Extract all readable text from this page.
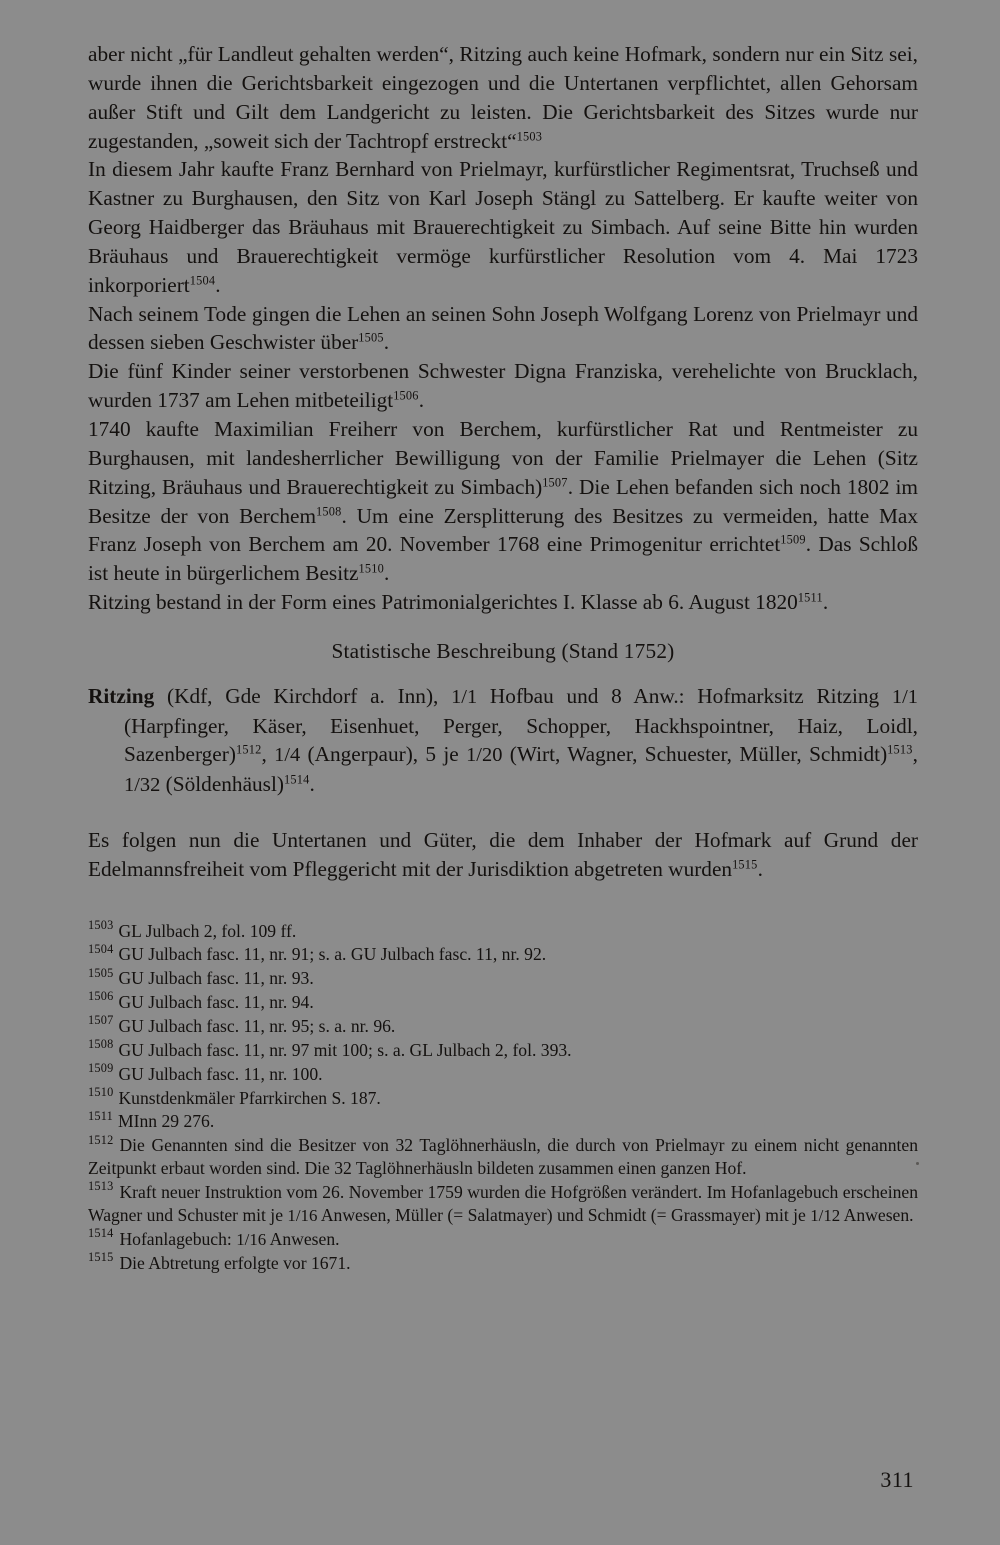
aber nicht „für Landleut gehalten werden“, Ritzing auch keine Hofmark, sondern nur ein Sitz sei, wurde ihnen die Gerichtsbarkeit eingezogen und die Untertanen verpflichtet, allen Gehorsam außer Stift und Gilt dem Landgericht zu leisten. Die Gerichtsbarkeit des Sitzes wurde nur zugestanden, „soweit sich der Tachtropf erstreckt“$^{1503}$

In diesem Jahr kaufte Franz Bernhard von Prielmayr, kurfürstlicher Regimentsrat, Truchseß und Kastner zu Burghausen, den Sitz von Karl Joseph Stängl zu Sattelberg. Er kaufte weiter von Georg Haidberger das Bräuhaus mit Brauerechtigkeit zu Simbach. Auf seine Bitte hin wurden Bräuhaus und Brauerechtigkeit vermöge kurfürstlicher Resolution vom 4. Mai 1723 inkorporiert$^{1504}$.

Nach seinem Tode gingen die Lehen an seinen Sohn Joseph Wolfgang Lorenz von Prielmayr und dessen sieben Geschwister über$^{1505}$.

Die fünf Kinder seiner verstorbenen Schwester Digna Franziska, verehelichte von Brucklach, wurden 1737 am Lehen mitbeteiligt$^{1506}$.

1740 kaufte Maximilian Freiherr von Berchem, kurfürstlicher Rat und Rentmeister zu Burghausen, mit landesherrlicher Bewilligung von der Familie Prielmayer die Lehen (Sitz Ritzing, Bräuhaus und Brauerechtigkeit zu Simbach)$^{1507}$. Die Lehen befanden sich noch 1802 im Besitze der von Berchem$^{1508}$. Um eine Zersplitterung des Besitzes zu vermeiden, hatte Max Franz Joseph von Berchem am 20. November 1768 eine Primogenitur errichtet$^{1509}$. Das Schloß ist heute in bürgerlichem Besitz$^{1510}$.

Ritzing bestand in der Form eines Patrimonialgerichtes I. Klasse ab 6. August $1820^{1511}$.

Statistische Beschreibung (Stand 1752)
Ritzing (Kdf, Gde Kirchdorf a. Inn), 1/1 Hofbau und 8 Anw.: Hofmarksitz Ritzing 1/1 (Harpfinger, Käser, Eisenhuet, Perger, Schopper, Hackhspointner, Haiz, Loidl, Sazenberger)$^{1512}$, 1/4 (Angerpaur), 5 je 1/20 (Wirt, Wagner, Schuester, Müller, Schmidt)$^{1513}$, 1/32 (Söldenhäusl)$^{1514}$.

Es folgen nun die Untertanen und Güter, die dem Inhaber der Hofmark auf Grund der Edelmannsfreiheit vom Pfleggericht mit der Jurisdiktion abgetreten wurden$^{1515}$.

$^{1503}$ GL Julbach 2, fol. 109 ff.

$^{1504}$ GU Julbach fasc. 11, nr. 91; s. a. GU Julbach fasc. 11, nr. 92.

$^{1505}$ GU Julbach fasc. 11, nr. 93.

$^{1506}$ GU Julbach fasc. 11, nr. 94.

$^{1507}$ GU Julbach fasc. 11, nr. 95; s. a. nr. 96.

$^{1508}$ GU Julbach fasc. 11, nr. 97 mit 100; s. a. GL Julbach 2, fol. 393.

$^{1509}$ GU Julbach fasc. 11, nr. 100.

$^{1510}$ Kunstdenkmäler Pfarrkirchen S. 187.

$^{1511}$ MInn 29 276.

$^{1512}$ Die Genannten sind die Besitzer von 32 Taglöhnerhäusln, die durch von Prielmayr zu einem nicht genannten Zeitpunkt erbaut worden sind. Die 32 Taglöhnerhäusln bildeten zusammen einen ganzen Hof.

$^{1513}$ Kraft neuer Instruktion vom 26. November 1759 wurden die Hofgrößen verändert. Im Hofanlagebuch erscheinen Wagner und Schuster mit je 1/16 Anwesen, Müller (= Salatmayer) und Schmidt (= Grassmayer) mit je 1/12 Anwesen.

$^{1514}$ Hofanlagebuch: 1/16 Anwesen.

$^{1515}$ Die Abtretung erfolgte vor 1671.

311
